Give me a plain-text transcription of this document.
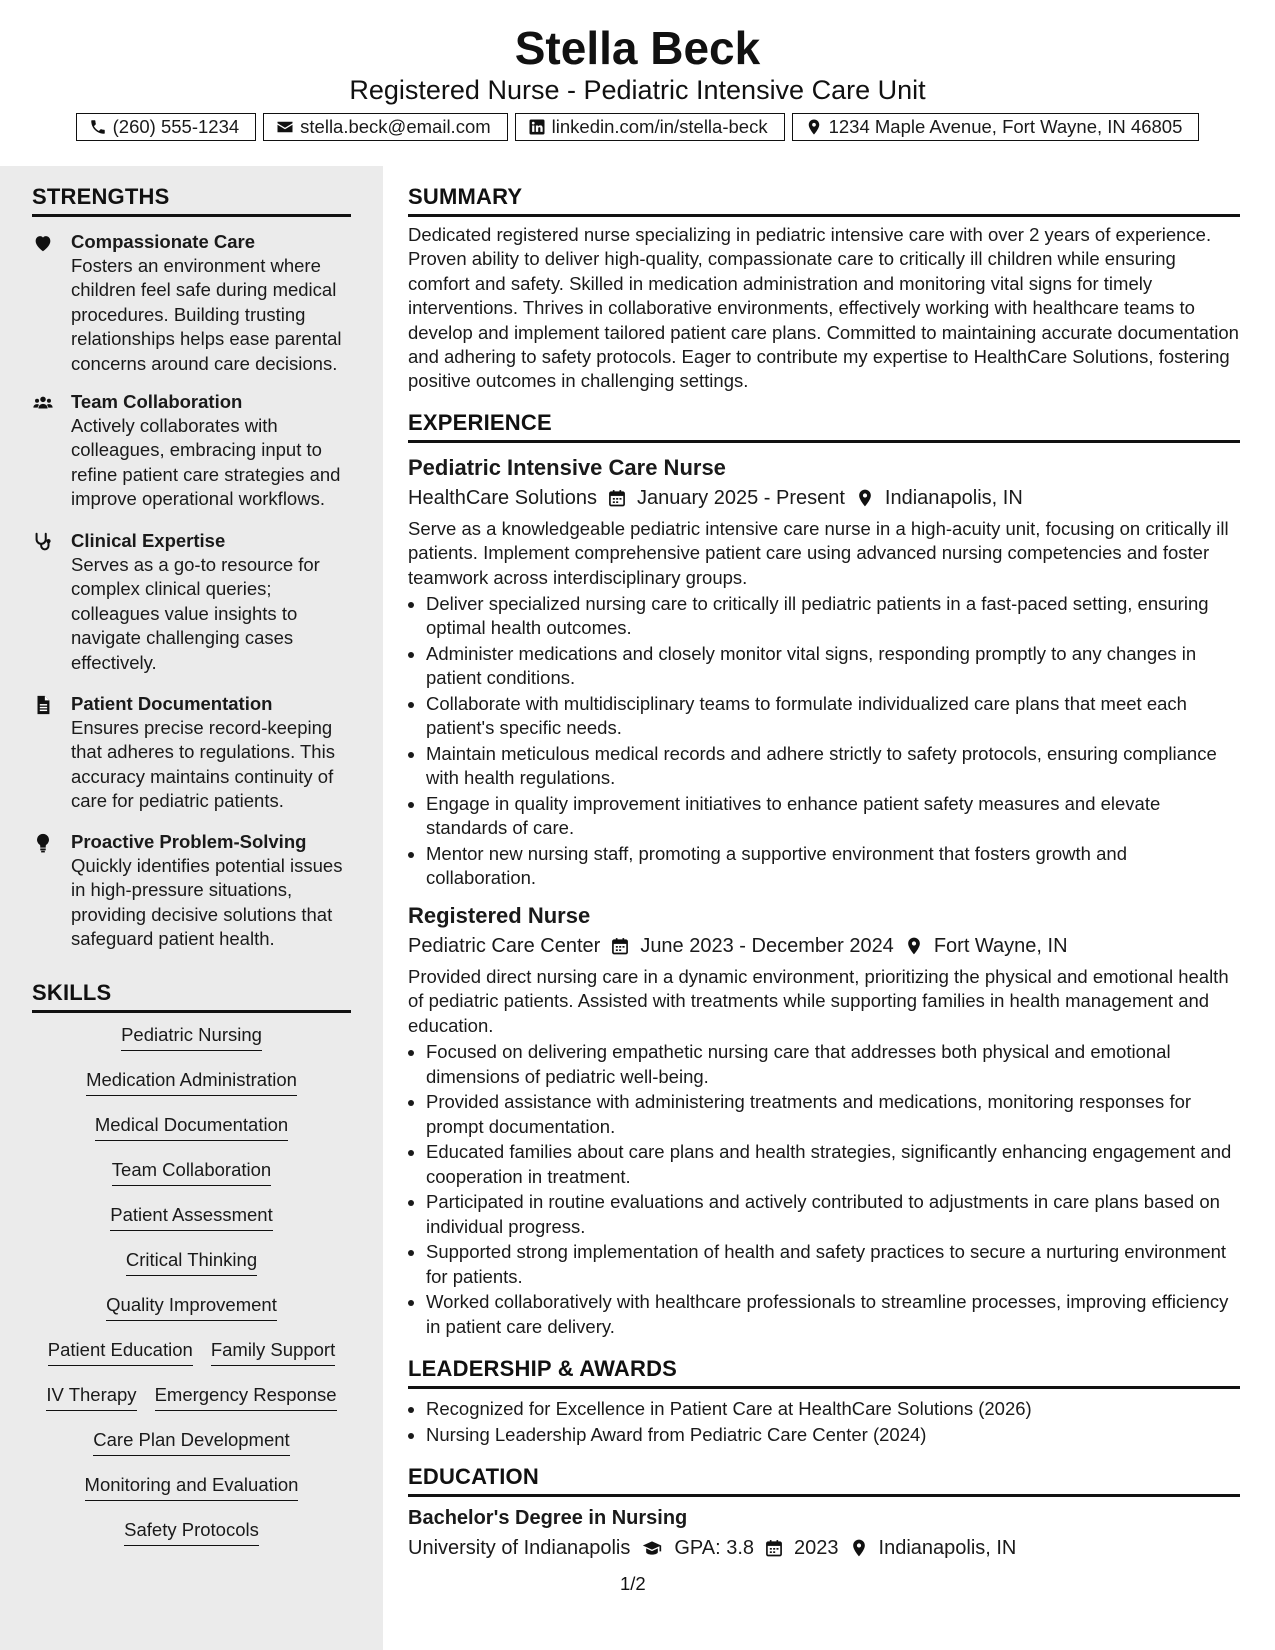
Stella Beck
Registered Nurse - Pediatric Intensive Care Unit
(260) 555-1234	stella.beck@email.com	linkedin.com/in/stella-beck	1234 Maple Avenue, Fort Wayne, IN 46805
STRENGTHS
Compassionate Care
Fosters an environment where children feel safe during medical procedures. Building trusting relationships helps ease parental concerns around care decisions.
Team Collaboration
Actively collaborates with colleagues, embracing input to refine patient care strategies and improve operational workflows.
Clinical Expertise
Serves as a go-to resource for complex clinical queries; colleagues value insights to navigate challenging cases effectively.
Patient Documentation
Ensures precise record-keeping that adheres to regulations. This accuracy maintains continuity of care for pediatric patients.
Proactive Problem-Solving
Quickly identifies potential issues in high-pressure situations, providing decisive solutions that safeguard patient health.
SKILLS
Pediatric Nursing
Medication Administration
Medical Documentation
Team Collaboration
Patient Assessment
Critical Thinking
Quality Improvement
Patient Education Family Support
IV Therapy Emergency Response
Care Plan Development
Monitoring and Evaluation
Safety Protocols
SUMMARY
Dedicated registered nurse specializing in pediatric intensive care with over 2 years of experience. Proven ability to deliver high-quality, compassionate care to critically ill children while ensuring comfort and safety. Skilled in medication administration and monitoring vital signs for timely interventions. Thrives in collaborative environments, effectively working with healthcare teams to develop and implement tailored patient care plans. Committed to maintaining accurate documentation and adhering to safety protocols. Eager to contribute my expertise to HealthCare Solutions, fostering positive outcomes in challenging settings.
EXPERIENCE
Pediatric Intensive Care Nurse
HealthCare Solutions January 2025 - Present Indianapolis, IN
Serve as a knowledgeable pediatric intensive care nurse in a high-acuity unit, focusing on critically ill patients. Implement comprehensive patient care using advanced nursing competencies and foster teamwork across interdisciplinary groups.
• Deliver specialized nursing care to critically ill pediatric patients in a fast-paced setting, ensuring optimal health outcomes.
• Administer medications and closely monitor vital signs, responding promptly to any changes in patient conditions.
• Collaborate with multidisciplinary teams to formulate individualized care plans that meet each patient's specific needs.
• Maintain meticulous medical records and adhere strictly to safety protocols, ensuring compliance with health regulations.
• Engage in quality improvement initiatives to enhance patient safety measures and elevate standards of care.
• Mentor new nursing staff, promoting a supportive environment that fosters growth and collaboration.
Registered Nurse
Pediatric Care Center June 2023 - December 2024 Fort Wayne, IN
Provided direct nursing care in a dynamic environment, prioritizing the physical and emotional health of pediatric patients. Assisted with treatments while supporting families in health management and education.
• Focused on delivering empathetic nursing care that addresses both physical and emotional dimensions of pediatric well-being.
• Provided assistance with administering treatments and medications, monitoring responses for prompt documentation.
• Educated families about care plans and health strategies, significantly enhancing engagement and cooperation in treatment.
• Participated in routine evaluations and actively contributed to adjustments in care plans based on individual progress.
• Supported strong implementation of health and safety practices to secure a nurturing environment for patients.
• Worked collaboratively with healthcare professionals to streamline processes, improving efficiency in patient care delivery.
LEADERSHIP & AWARDS
• Recognized for Excellence in Patient Care at HealthCare Solutions (2026)
• Nursing Leadership Award from Pediatric Care Center (2024)
EDUCATION
Bachelor's Degree in Nursing
University of Indianapolis GPA: 3.8 2023 Indianapolis, IN
1/2
